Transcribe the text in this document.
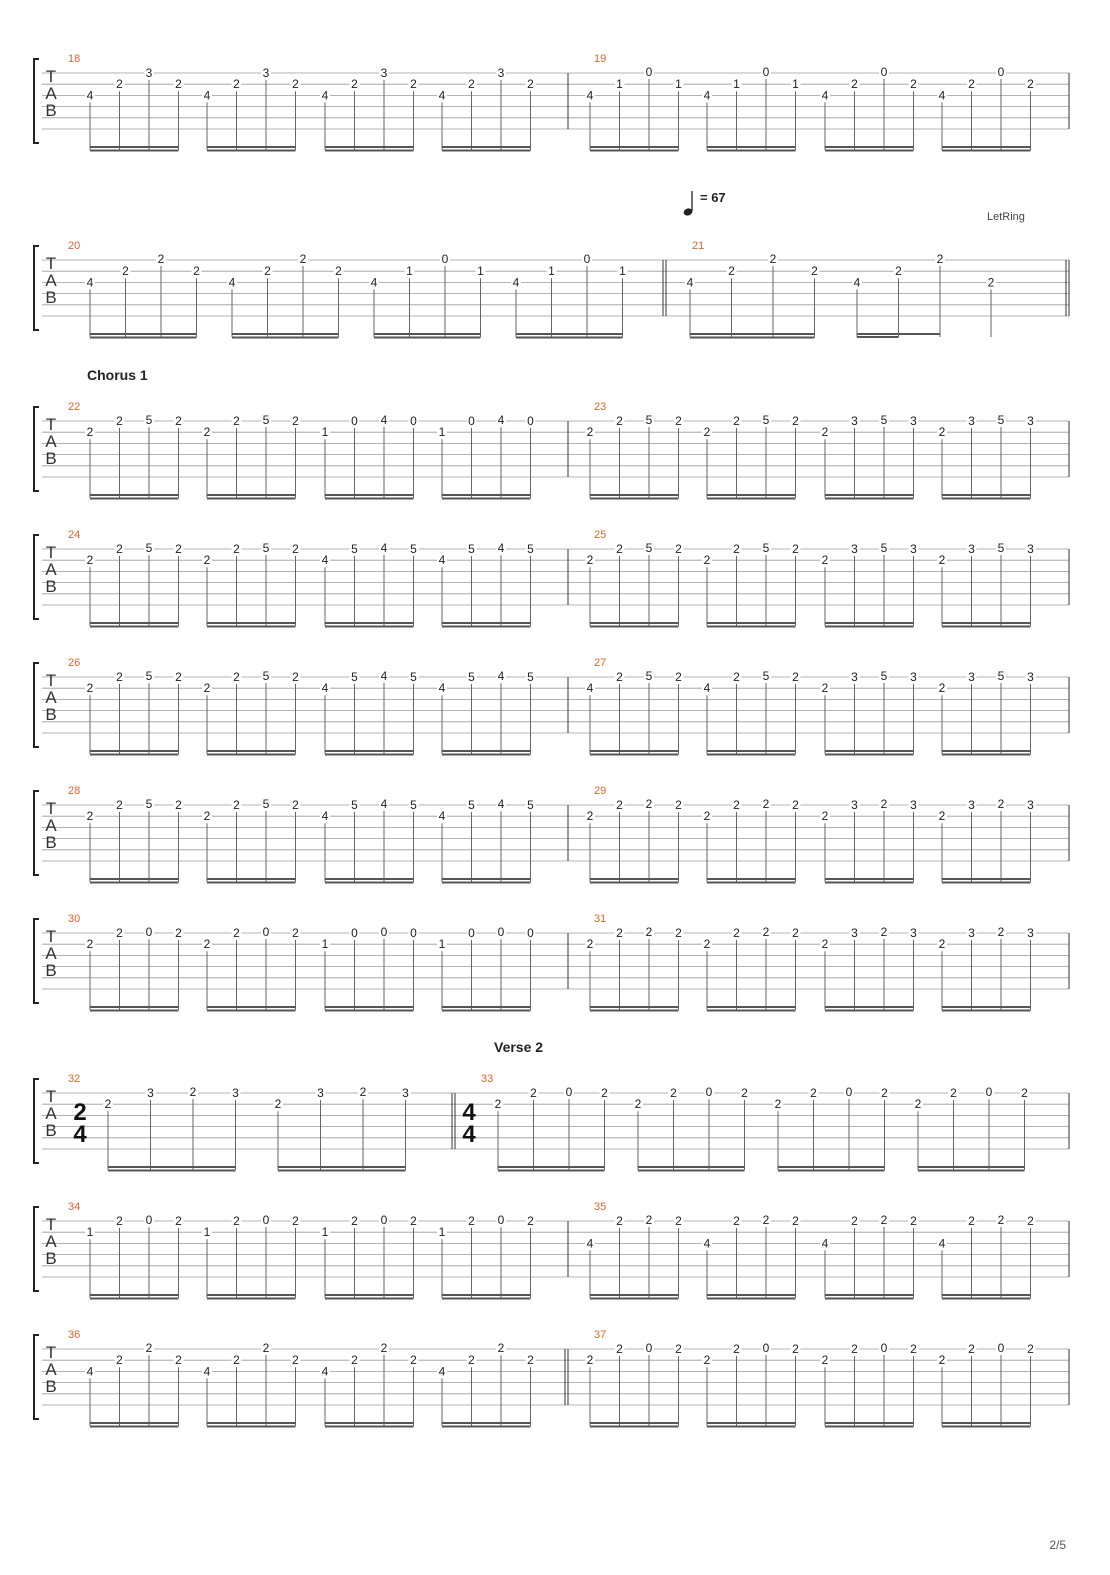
T
A
B
18
4
2
3
2
4
2
3
2
4
2
3
2
4
2
3
2
19
4
1
0
1
4
1
0
1
4
2
0
2
4
2
0
2
T
A
B
20
4
2
2
2
4
2
2
2
4
1
0
1
4
1
0
1
21
4
2
2
2
4
2
2
2
T
A
B
Chorus 1
22
2
2 5 2
2
2 5 2
1
0 4 0
1
0 4 0
23
2
2 5 2
2
2 5 2
2
3 5 3
2
3 5 3
T
A
B
24
2
2 5 2
2
2 5 2
4
5 4 5
4
5 4 5
25
2
2 5 2
2
2 5 2
2
3 5 3
2
3 5 3
T
A
B
26
2
2 5 2
2
2 5 2
4
5 4 5
4
5 4 5
27
4
2 5 2
4
2 5 2
2
3 5 3
2
3 5 3
T
A
B
28
2
2 5 2
2
2 5 2
4
5 4 5
4
5 4 5
29
2
2 2 2
2
2 2 2
2
3 2 3
2
3 2 3
T
A
B
30
2
2 0 2
2
2 0 2
1
0 0 0
1
0 0 0
31
2
2 2 2
2
2 2 2
2
3 2 3
2
3 2 3
T
A
B
Verse 2
32
2
4
2
3	2	3
2
3	2	3
33
4
4
2
2 0 2
2
2 0 2
2
2 0 2
2
2 0 2
T
A
B
34
1
2 0 2
1
2 0 2
1
2 0 2
1
2 0 2
35
4
2 2 2
4
2 2 2
4
2 2 2
4
2 2 2
T
A
B
36
4
2
2
2
4
2
2
2
4
2
2
2
4
2
2
2
37
2
2 0 2
2
2 0 2
2
2 0 2
2
2 0 2
= 67
LetRing
2/5
